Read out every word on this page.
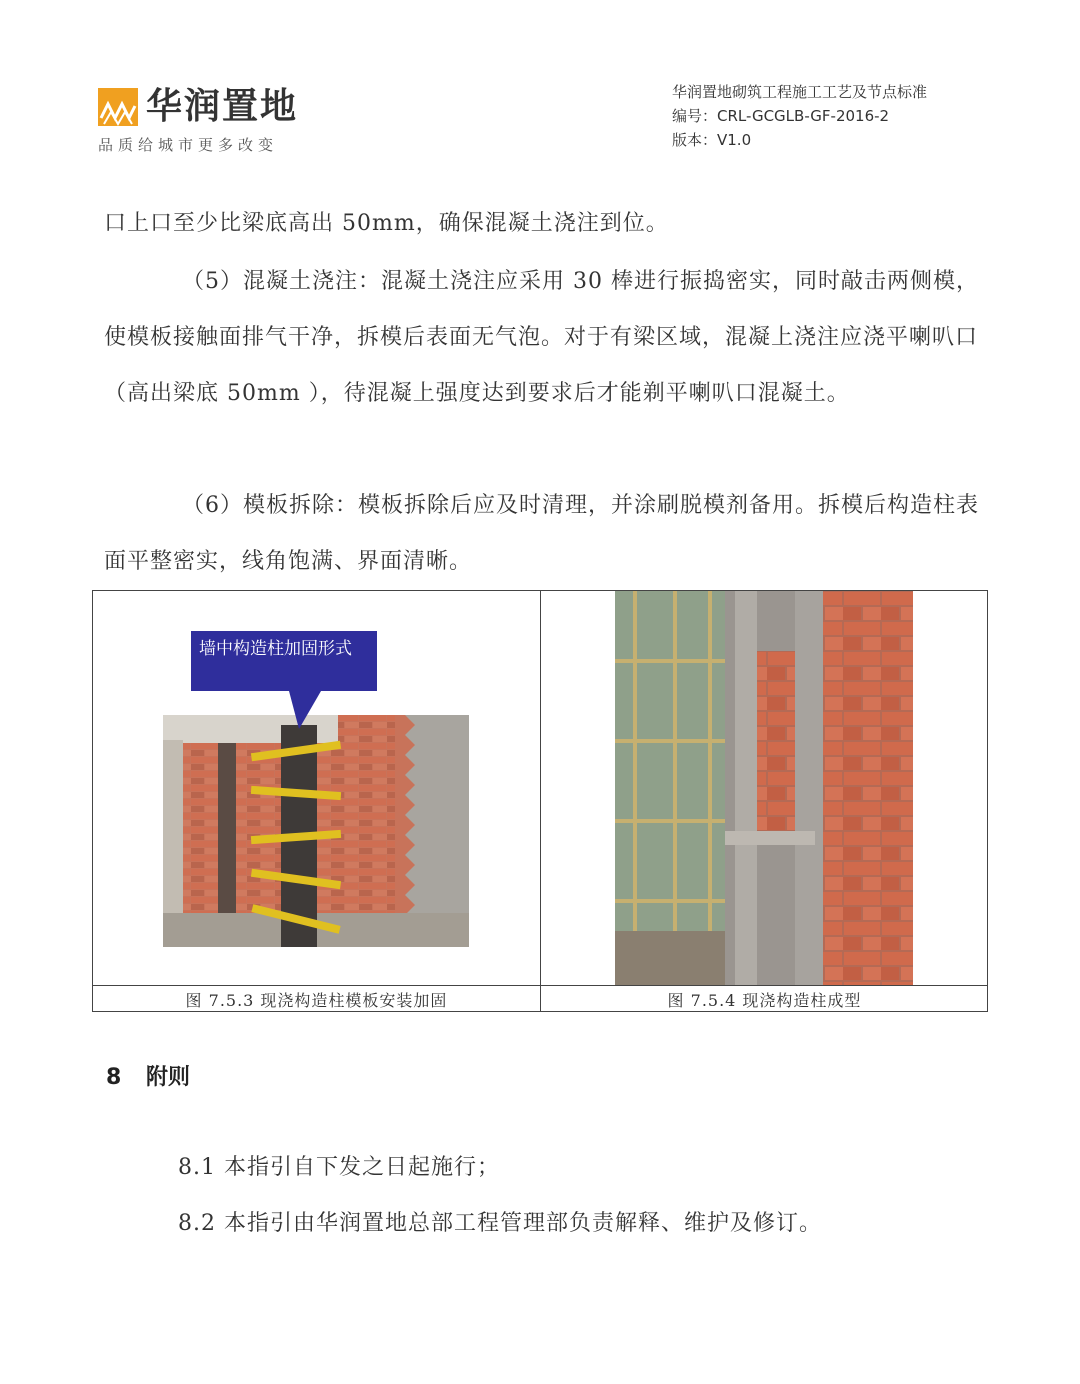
华润置地
品质给城市更多改变
华润置地砌筑工程施工工艺及节点标准
编号：CRL-GCGLB-GF-2016-2
版本：V1.0
口上口至少比梁底高出 50mm，确保混凝土浇注到位。
（5）混凝土浇注：混凝土浇注应采用 30 棒进行振捣密实，同时敲击两侧模，使模板接触面排气干净，拆模后表面无气泡。对于有梁区域，混凝上浇注应浇平喇叭口（高出梁底 50mm ），待混凝上强度达到要求后才能剃平喇叭口混凝土。
（6）模板拆除：模板拆除后应及时清理，并涂刷脱模剂备用。拆模后构造柱表面平整密实，线角饱满、界面清晰。
墙中构造柱加固形式
图 7.5.3 现浇构造柱模板安装加固	图 7.5.4 现浇构造柱成型
8 附则
8.1 本指引自下发之日起施行；
8.2 本指引由华润置地总部工程管理部负责解释、维护及修订。
